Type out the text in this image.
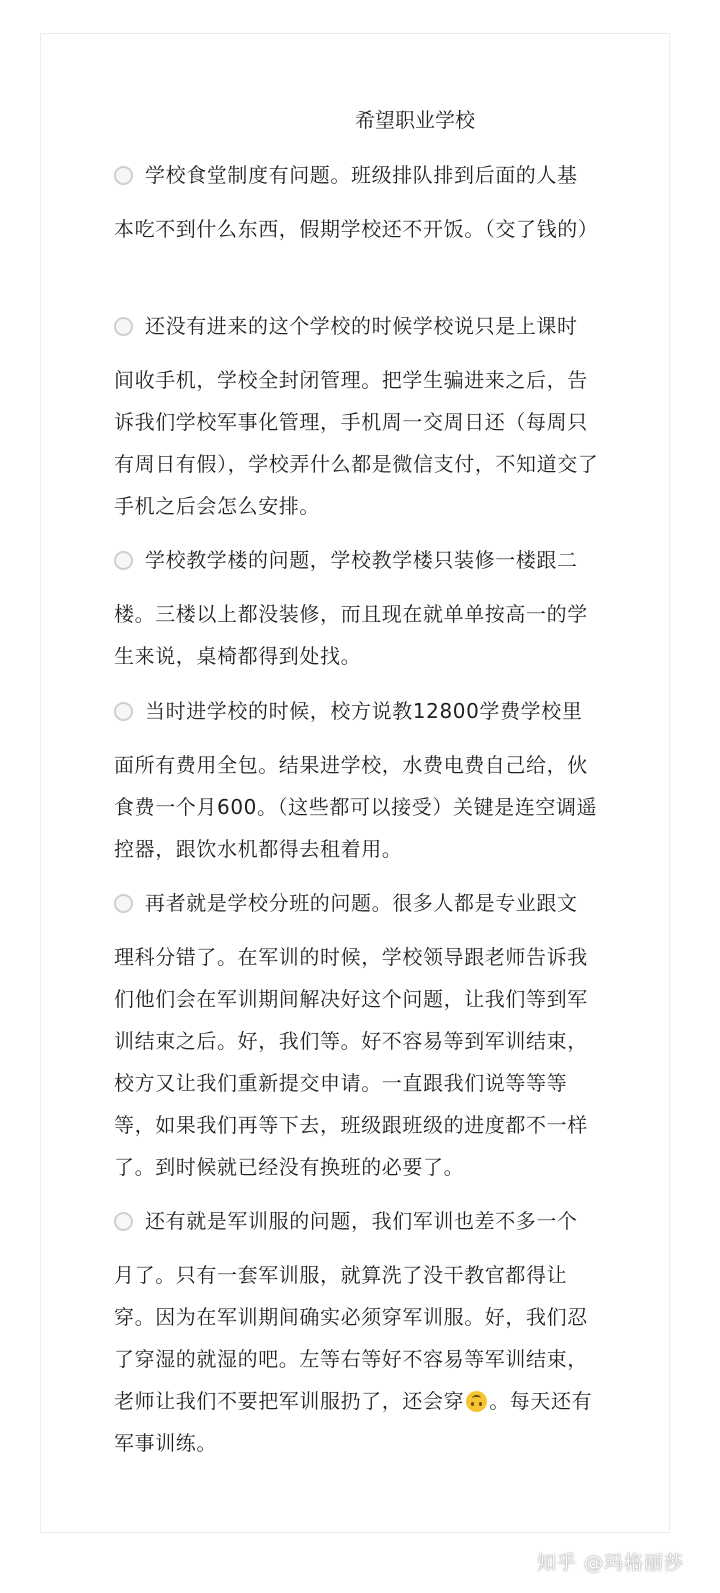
希望职业学校
学校食堂制度有问题。班级排队排到后面的人基
本吃不到什么东西，假期学校还不开饭。（交了钱的）
还没有进来的这个学校的时候学校说只是上课时
间收手机，学校全封闭管理。把学生骗进来之后，告诉我们学校军事化管理，手机周一交周日还（每周只有周日有假），学校弄什么都是微信支付，不知道交了手机之后会怎么安排。
学校教学楼的问题，学校教学楼只装修一楼跟二
楼。三楼以上都没装修，而且现在就单单按高一的学生来说，桌椅都得到处找。
当时进学校的时候，校方说教12800学费学校里
面所有费用全包。结果进学校，水费电费自己给，伙食费一个月600。（这些都可以接受）关键是连空调遥控器，跟饮水机都得去租着用。
再者就是学校分班的问题。很多人都是专业跟文
理科分错了。在军训的时候，学校领导跟老师告诉我们他们会在军训期间解决好这个问题，让我们等到军训结束之后。好，我们等。好不容易等到军训结束，校方又让我们重新提交申请。一直跟我们说等等等等，如果我们再等下去，班级跟班级的进度都不一样了。到时候就已经没有换班的必要了。
还有就是军训服的问题，我们军训也差不多一个
月了。只有一套军训服，就算洗了没干教官都得让穿。因为在军训期间确实必须穿军训服。好，我们忍了穿湿的就湿的吧。左等右等好不容易等军训结束，老师让我们不要把军训服扔了，还会穿 。每天还有军事训练。
知乎 @玛格丽莎
